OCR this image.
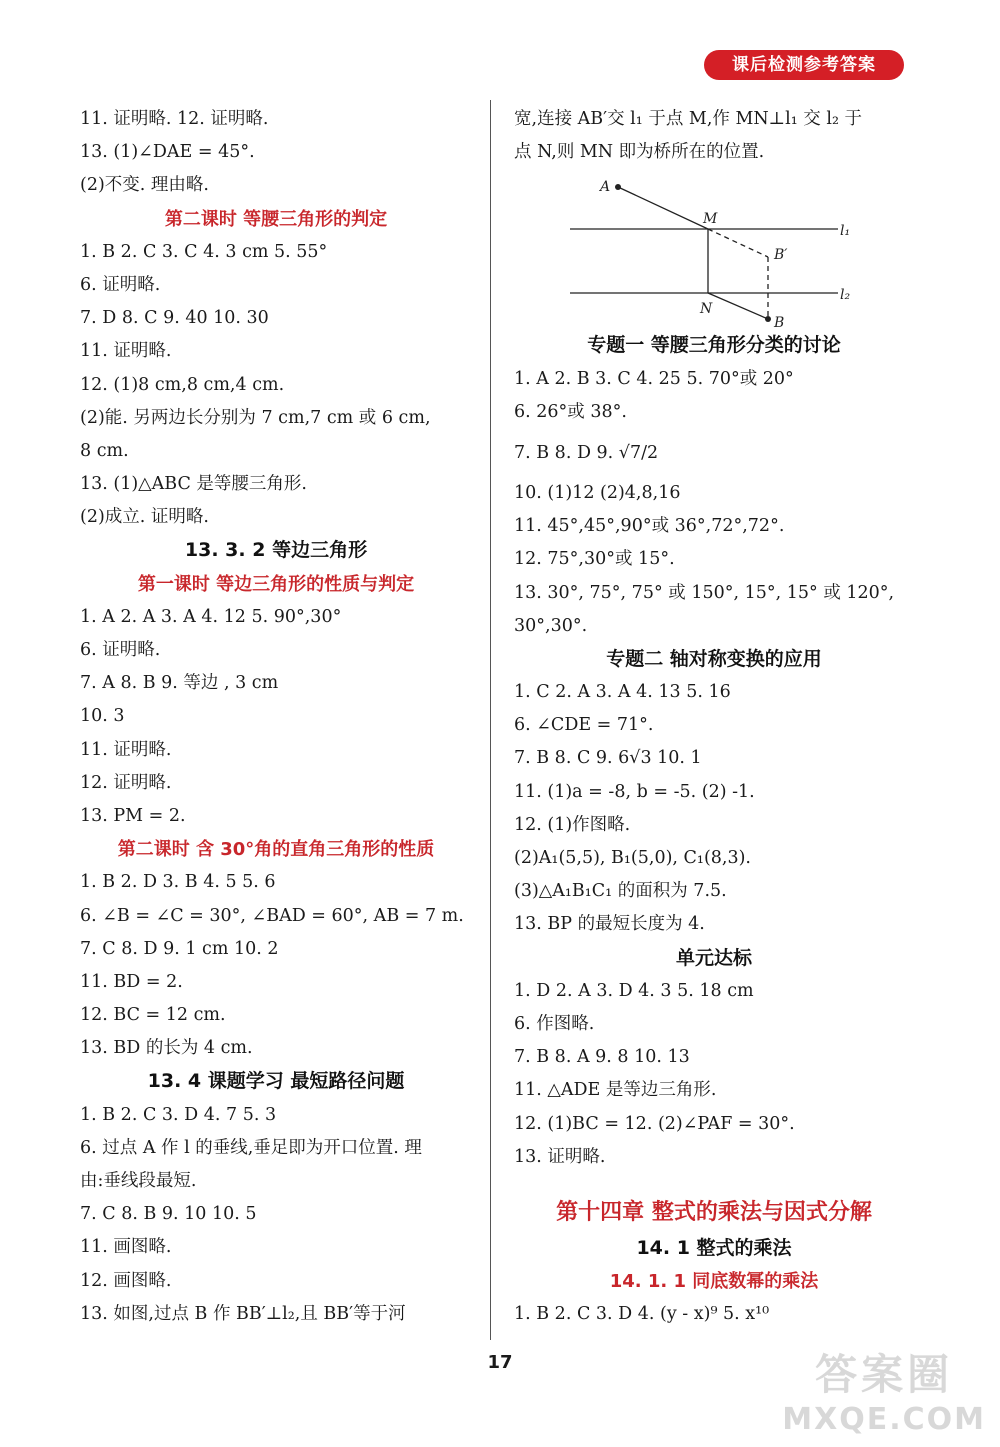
课后检测参考答案
11. 证明略. 12. 证明略.
13. (1)∠DAE = 45°.
(2)不变. 理由略.
第二课时 等腰三角形的判定
1. B 2. C 3. C 4. 3 cm 5. 55°
6. 证明略.
7. D 8. C 9. 40 10. 30
11. 证明略.
12. (1)8 cm,8 cm,4 cm.
(2)能. 另两边长分别为 7 cm,7 cm 或 6 cm,
8 cm.
13. (1)△ABC 是等腰三角形.
(2)成立. 证明略.
13. 3. 2 等边三角形
第一课时 等边三角形的性质与判定
1. A 2. A 3. A 4. 12 5. 90°,30°
6. 证明略.
7. A 8. B 9. 等边 , 3 cm
10. 3
11. 证明略.
12. 证明略.
13. PM = 2.
第二课时 含 30°角的直角三角形的性质
1. B 2. D 3. B 4. 5 5. 6
6. ∠B = ∠C = 30°, ∠BAD = 60°, AB = 7 m.
7. C 8. D 9. 1 cm 10. 2
11. BD = 2.
12. BC = 12 cm.
13. BD 的长为 4 cm.
13. 4 课题学习 最短路径问题
1. B 2. C 3. D 4. 7 5. 3
6. 过点 A 作 l 的垂线,垂足即为开口位置. 理
由:垂线段最短.
7. C 8. B 9. 10 10. 5
11. 画图略.
12. 画图略.
13. 如图,过点 B 作 BB′⊥l₂,且 BB′等于河
宽,连接 AB′交 l₁ 于点 M,作 MN⊥l₁ 交 l₂ 于
点 N,则 MN 即为桥所在的位置.
A
M
B′
l₁
l₂
N
B
专题一 等腰三角形分类的讨论
1. A 2. B 3. C 4. 25 5. 70°或 20°
6. 26°或 38°.
7. B 8. D 9. √7/2
10. (1)12 (2)4,8,16
11. 45°,45°,90°或 36°,72°,72°.
12. 75°,30°或 15°.
13. 30°, 75°, 75° 或 150°, 15°, 15° 或 120°,
30°,30°.
专题二 轴对称变换的应用
1. C 2. A 3. A 4. 13 5. 16
6. ∠CDE = 71°.
7. B 8. C 9. 6√3 10. 1
11. (1)a = -8, b = -5. (2) -1.
12. (1)作图略.
(2)A₁(5,5), B₁(5,0), C₁(8,3).
(3)△A₁B₁C₁ 的面积为 7.5.
13. BP 的最短长度为 4.
单元达标
1. D 2. A 3. D 4. 3 5. 18 cm
6. 作图略.
7. B 8. A 9. 8 10. 13
11. △ADE 是等边三角形.
12. (1)BC = 12. (2)∠PAF = 30°.
13. 证明略.
第十四章 整式的乘法与因式分解
14. 1 整式的乘法
14. 1. 1 同底数幂的乘法
1. B 2. C 3. D 4. (y - x)⁹ 5. x¹⁰
17	答案圈
MXQE.COM
